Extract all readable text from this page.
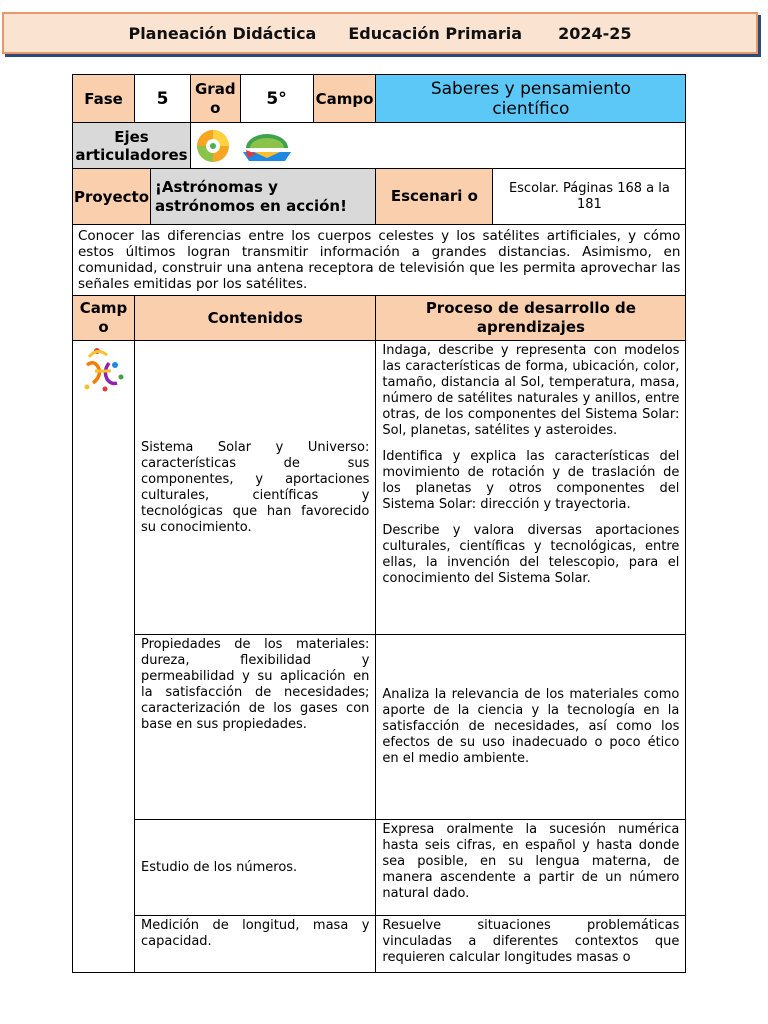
Planeación Didáctica Educación Primaria 2024-25
Fase	5		Grad o	5°	Campo	Saberes y pensamiento científico	
Ejes articuladores	
Proyecto		¡Astrónomas y astrónomos en acción!				Escenari o	Escolar. Páginas 168 a la 181
Conocer las diferencias entre los cuerpos celestes y los satélites artificiales, y cómo estos últimos logran transmitir información a grandes distancias. Asimismo, en comunidad, construir una antena receptora de televisión que les permita aprovechar las señales emitidas por los satélites.							
Camp o	Contenidos					Proceso de desarrollo de aprendizajes	
	Sistema Solar y Universo: características de sus componentes, y aportaciones culturales, científicas y tecnológicas que han favorecido su conocimiento.					Indaga, describe y representa con modelos las características de forma, ubicación, color, tamaño, distancia al Sol, temperatura, masa, número de satélites naturales y anillos, entre otras, de los componentes del Sistema Solar: Sol, planetas, satélites y asteroides.

Identifica y explica las características del movimiento de rotación y de traslación de los planetas y otros componentes del Sistema Solar: dirección y trayectoria.

Describe y valora diversas aportaciones culturales, científicas y tecnológicas, entre ellas, la invención del telescopio, para el conocimiento del Sistema Solar.	

	Propiedades de los materiales: dureza, flexibilidad y permeabilidad y su aplicación en la satisfacción de necesidades; caracterización de los gases con base en sus propiedades.					Analiza la relevancia de los materiales como aporte de la ciencia y la tecnología en la satisfacción de necesidades, así como los efectos de su uso inadecuado o poco ético en el medio ambiente.	
	Estudio de los números.					Expresa oralmente la sucesión numérica hasta seis cifras, en español y hasta donde sea posible, en su lengua materna, de manera ascendente a partir de un número natural dado.	
	Medición de longitud, masa y capacidad.					Resuelve situaciones problemáticas vinculadas a diferentes contextos que requieren calcular longitudes masas o	
